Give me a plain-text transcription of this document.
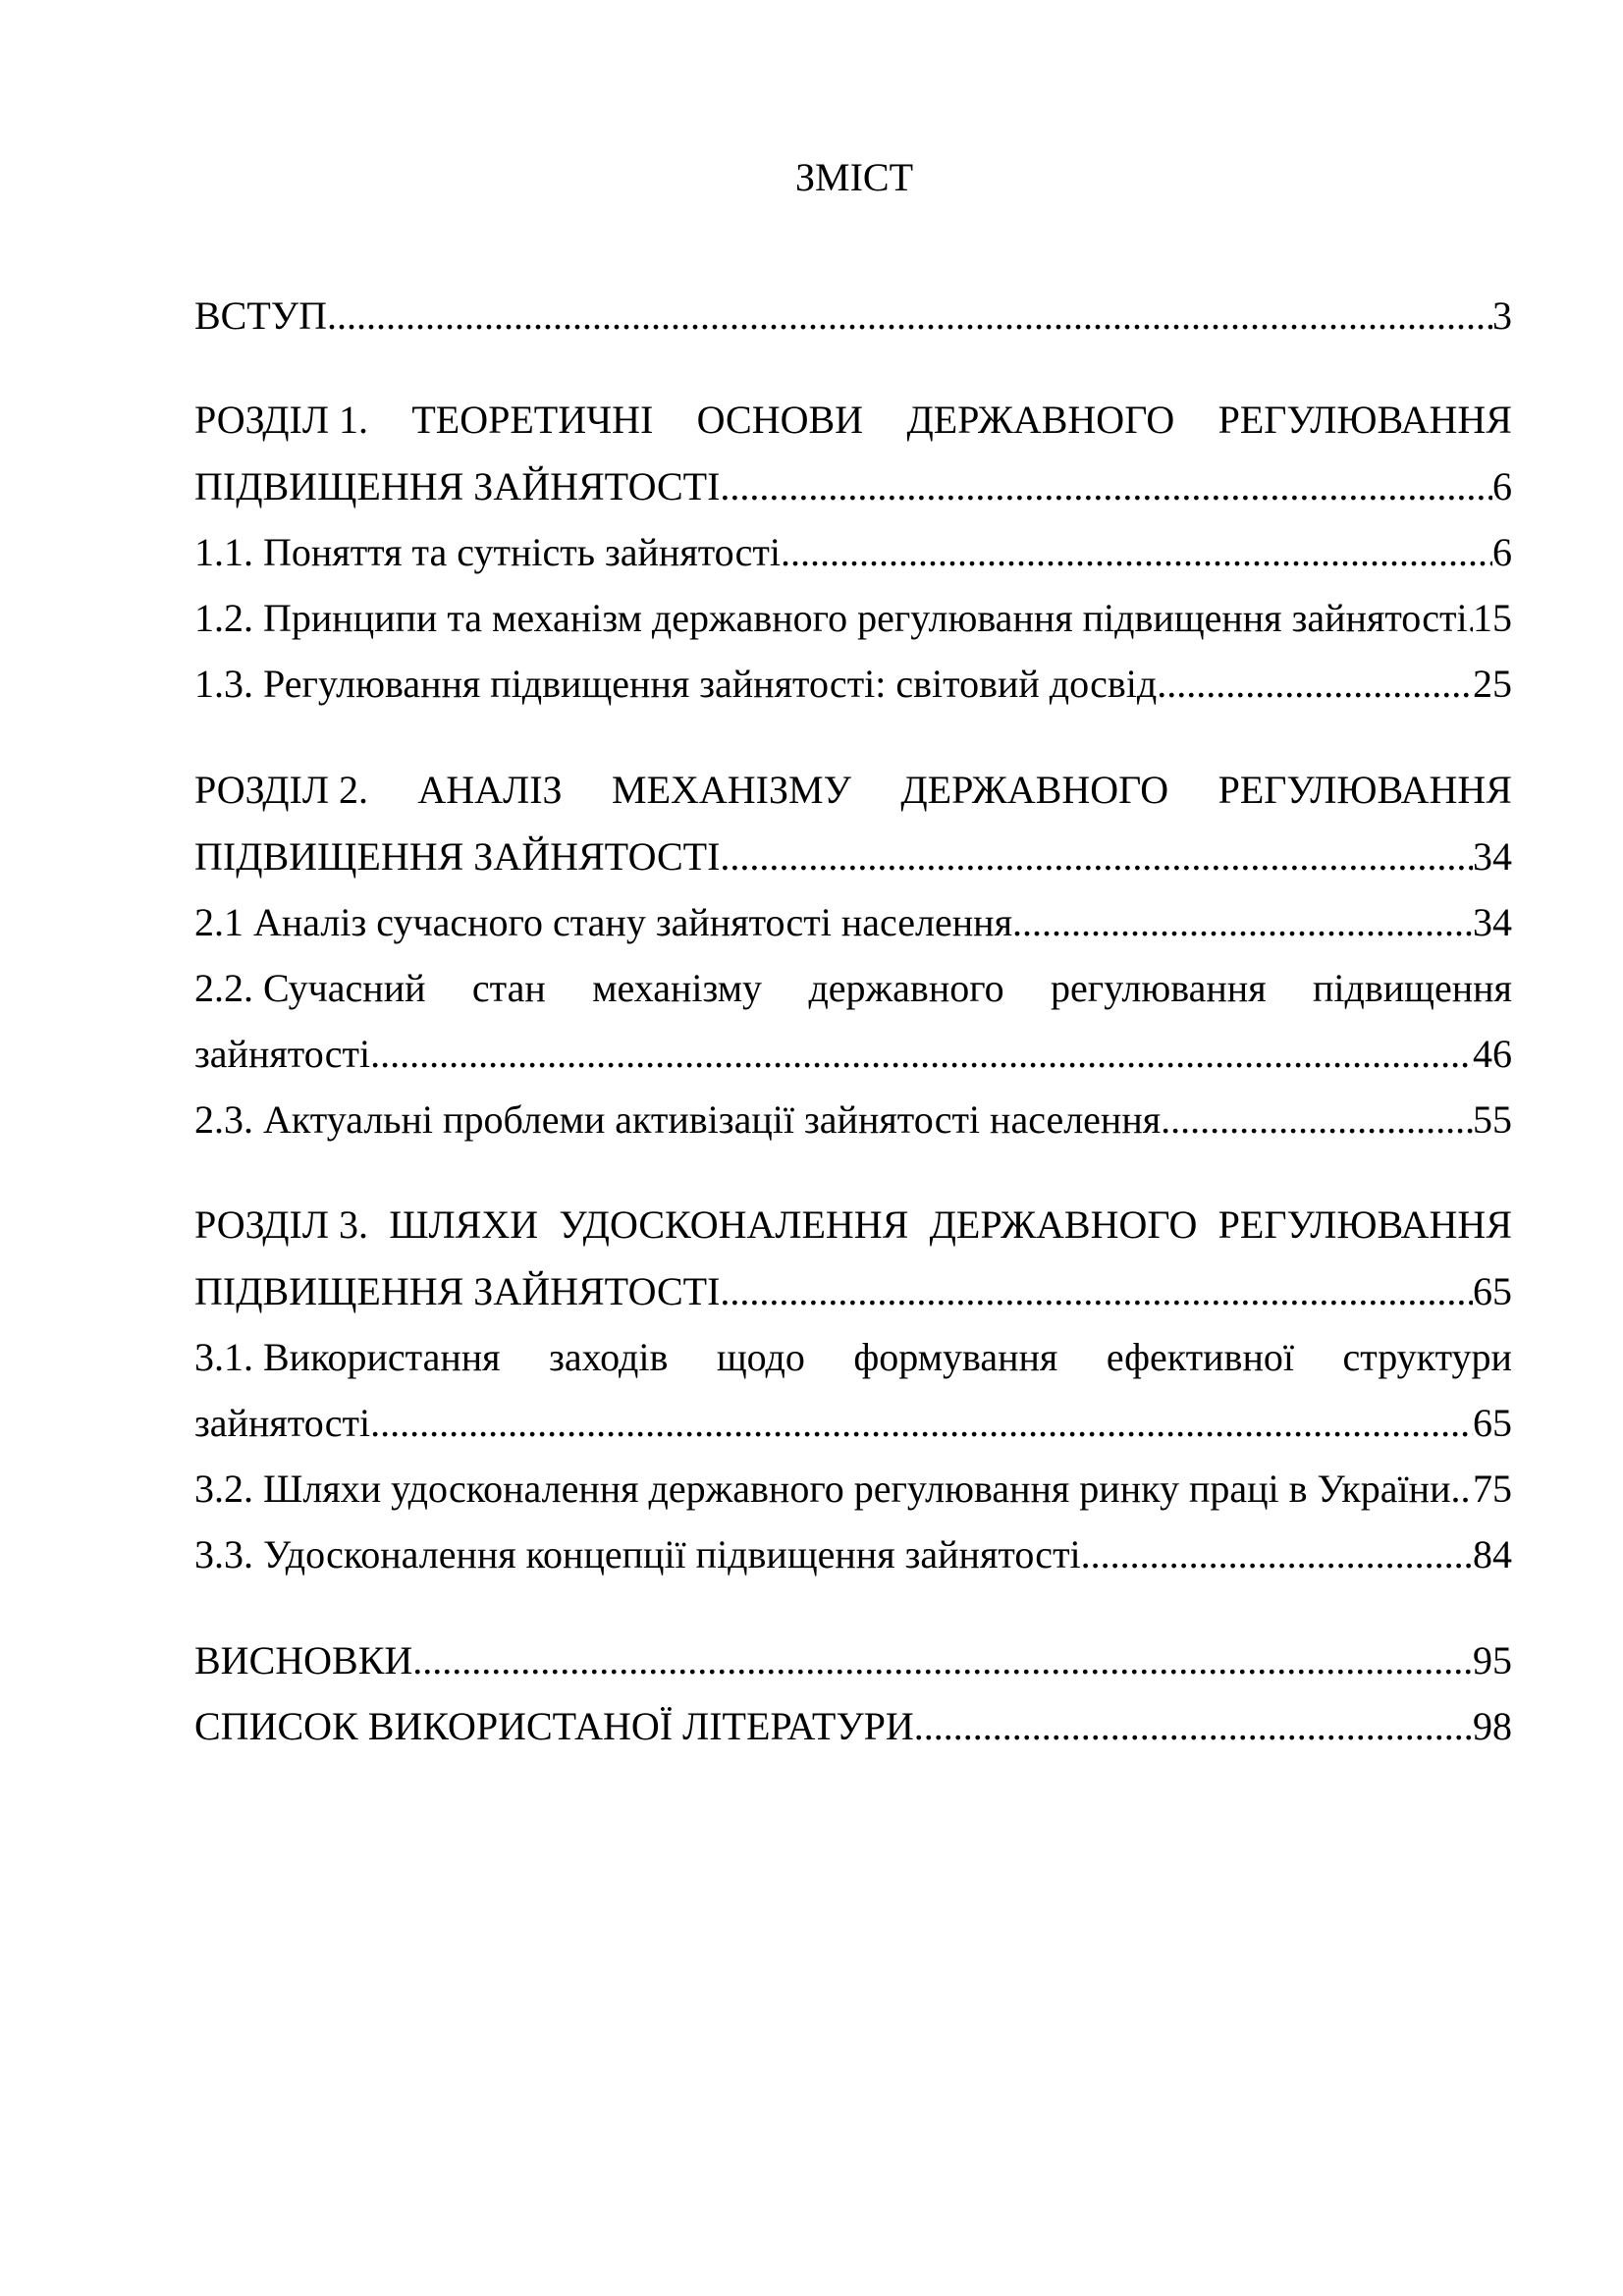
ЗМІСТ
ВСТУП .....	3
РОЗДІЛ 1. ТЕОРЕТИЧНІ ОСНОВИ ДЕРЖАВНОГО РЕГУЛЮВАННЯ
ПІДВИЩЕННЯ ЗАЙНЯТОСТІ .....	6
1.1. Поняття та сутність зайнятості .....	6
1.2. Принципи та механізм державного регулювання підвищення зайнятості ..... 15
1.3. Регулювання підвищення зайнятості: світовий досвід .....	25
РОЗДІЛ 2. АНАЛІЗ МЕХАНІЗМУ ДЕРЖАВНОГО РЕГУЛЮВАННЯ
ПІДВИЩЕННЯ ЗАЙНЯТОСТІ .....	34
2.1 Аналіз сучасного стану зайнятості населення .....	34
2.2. Сучасний стан механізму державного регулювання підвищення
зайнятості .....	46
2.3. Актуальні проблеми активізації зайнятості населення .....	55
РОЗДІЛ 3. ШЛЯХИ УДОСКОНАЛЕННЯ ДЕРЖАВНОГО РЕГУЛЮВАННЯ
ПІДВИЩЕННЯ ЗАЙНЯТОСТІ .....	65
3.1. Використання заходів щодо формування ефективної структури
зайнятості .....	65
3.2. Шляхи удосконалення державного регулювання ринку праці в України ..... 75
3.3. Удосконалення концепції підвищення зайнятості .....	84
ВИСНОВКИ .....	95
СПИСОК ВИКОРИСТАНОЇ ЛІТЕРАТУРИ .....	98
